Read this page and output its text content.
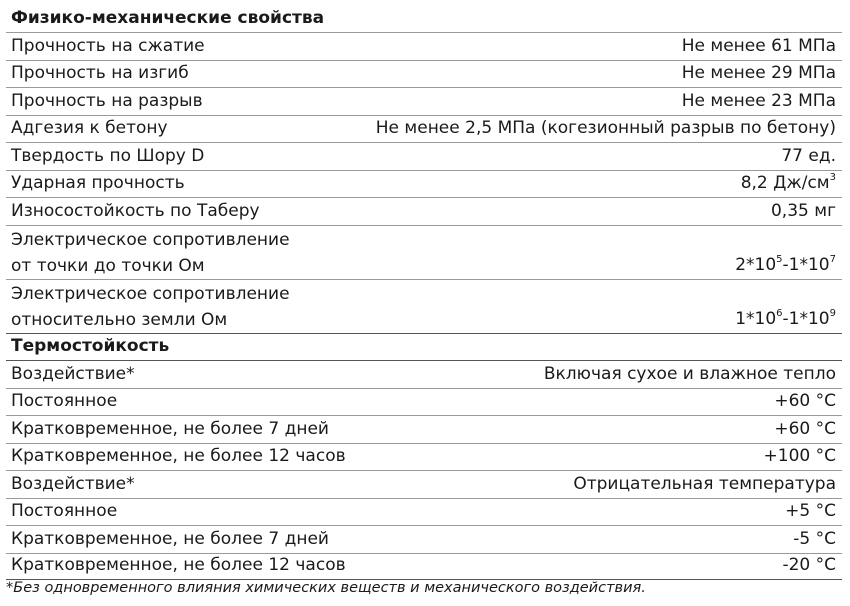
Физико-механические свойства
Прочность на сжатие	Не менее 61 МПа
Прочность на изгиб	Не менее 29 МПа
Прочность на разрыв	Не менее 23 МПа
Адгезия к бетону	Не менее 2,5 МПа (когезионный разрыв по бетону)
Твердость по Шору D	77 ед.
Ударная прочность	8,2 $Дж/см^3$
Износостойкость по Таберу	0,35 мг
Электрическое сопротивление
от точки до точки Ом	$2*10^5-1*10^7$
Электрическое сопротивление
относительно земли Ом	$1*10^6-1*10^9$
Термостойкость
Воздействие*	Включая сухое и влажное тепло
Постоянное	+60 °C
Кратковременное, не более 7 дней	+60 °C
Кратковременное, не более 12 часов	+100 °C
Воздействие*	Отрицательная температура
Постоянное	+5 °C
Кратковременное, не более 7 дней	-5 °C
Кратковременное, не более 12 часов	-20 °C
*Без одновременного влияния химических веществ и механического воздействия.
